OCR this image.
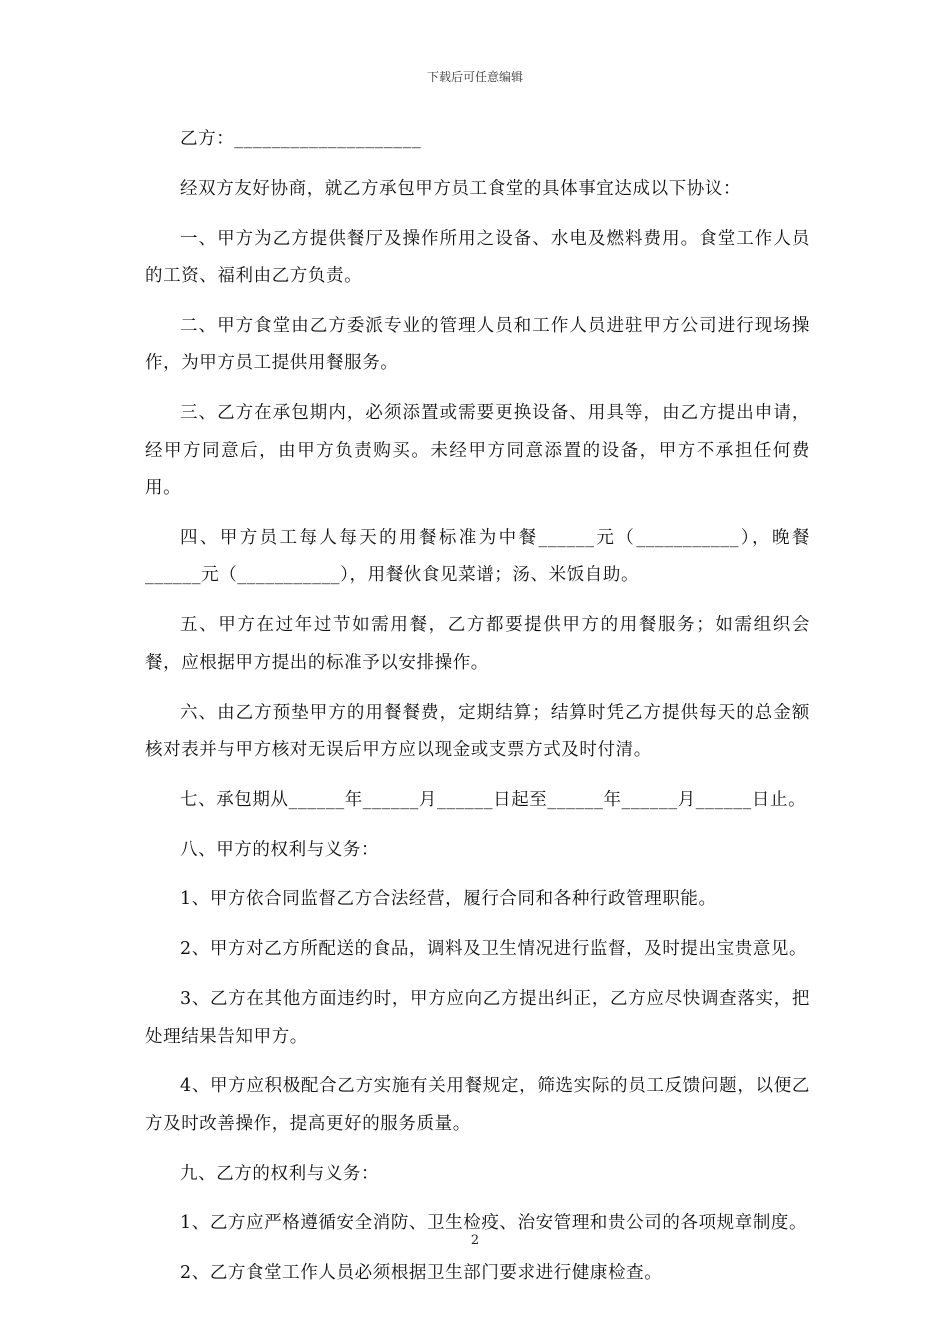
下载后可任意编辑

乙方：____________________

经双方友好协商，就乙方承包甲方员工食堂的具体事宜达成以下协议：

一、甲方为乙方提供餐厅及操作所用之设备、水电及燃料费用。食堂工作人员的工资、福利由乙方负责。

二、甲方食堂由乙方委派专业的管理人员和工作人员进驻甲方公司进行现场操作，为甲方员工提供用餐服务。

三、乙方在承包期内，必须添置或需要更换设备、用具等，由乙方提出申请，经甲方同意后，由甲方负责购买。未经甲方同意添置的设备，甲方不承担任何费用。

四、甲方员工每人每天的用餐标准为中餐______元（___________），晚餐______元（___________），用餐伙食见菜谱；汤、米饭自助。

五、甲方在过年过节如需用餐，乙方都要提供甲方的用餐服务；如需组织会餐，应根据甲方提出的标准予以安排操作。

六、由乙方预垫甲方的用餐餐费，定期结算；结算时凭乙方提供每天的总金额核对表并与甲方核对无误后甲方应以现金或支票方式及时付清。

七、承包期从______年______月______日起至______年______月______日止。

八、甲方的权利与义务：

1、甲方依合同监督乙方合法经营，履行合同和各种行政管理职能。

2、甲方对乙方所配送的食品，调料及卫生情况进行监督，及时提出宝贵意见。

3、乙方在其他方面违约时，甲方应向乙方提出纠正，乙方应尽快调查落实，把处理结果告知甲方。

4、甲方应积极配合乙方实施有关用餐规定，筛选实际的员工反馈问题，以便乙方及时改善操作，提高更好的服务质量。

九、乙方的权利与义务：

1、乙方应严格遵循安全消防、卫生检疫、治安管理和贵公司的各项规章制度。

2、乙方食堂工作人员必须根据卫生部门要求进行健康检查。

2
